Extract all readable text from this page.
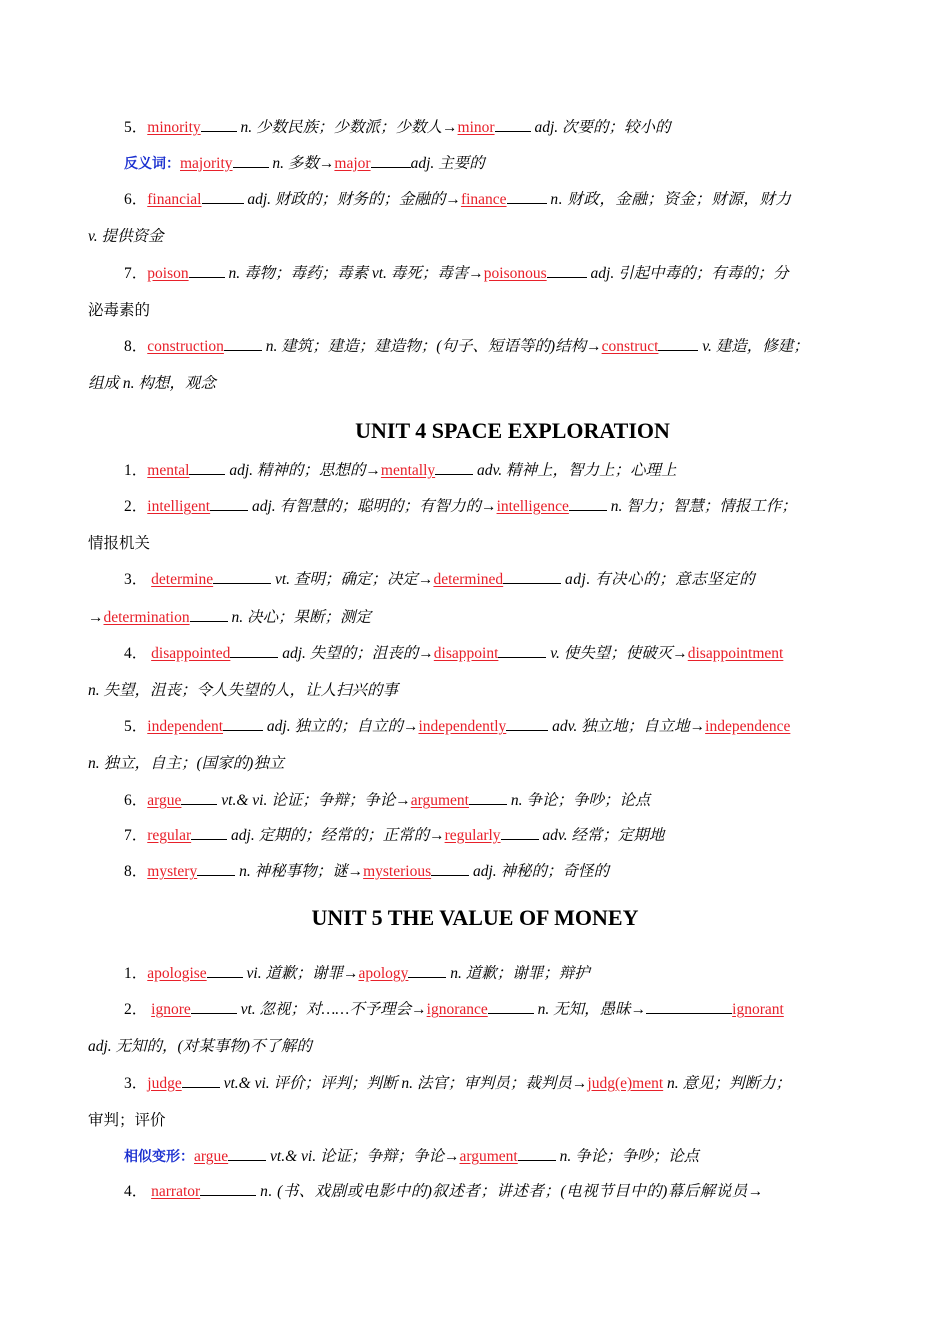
5．minority	n. 少数民族；少数派；少数人→minor	adj. 次要的；较小的
反义词：majority	n. 多数→major	adj. 主要的
6．financial	adj. 财政的；财务的；金融的→finance	n. 财政，金融；资金；财源，财力
v. 提供资金
7．poison	n. 毒物；毒药；毒素 vt. 毒死；毒害→poisonous	adj. 引起中毒的；有毒的；分
泌毒素的
8．construction	n. 建筑；建造；建造物；(句子、短语等的)结构→construct	v. 建造，修建；
组成 n. 构想，观念
UNIT 4 SPACE EXPLORATION
1．mental	adj. 精神的；思想的→mentally	adv. 精神上，智力上；心理上
2．intelligent	adj. 有智慧的；聪明的；有智力的→intelligence	n. 智力；智慧；情报工作；
情报机关
3． determine	vt. 查明；确定；决定→determined	adj. 有决心的；意志坚定的
→determination	n. 决心；果断；测定
4． disappointed	adj. 失望的；沮丧的→disappoint	v. 使失望；使破灭→disappointment
n. 失望，沮丧；令人失望的人，让人扫兴的事
5．independent	adj. 独立的；自立的→independently	adv. 独立地；自立地→independence
n. 独立，自主；(国家的)独立
6．argue	vt.& vi. 论证；争辩；争论→argument	n. 争论；争吵；论点
7．regular	adj. 定期的；经常的；正常的→regularly	adv. 经常；定期地
8．mystery	n. 神秘事物；谜→mysterious	adj. 神秘的；奇怪的
UNIT 5 THE VALUE OF MONEY
1．apologise	vi. 道歉；谢罪→apology	n. 道歉；谢罪；辩护
2． ignore	vt. 忽视；对……不予理会→ignorance	n. 无知，愚昧→	ignorant
adj. 无知的，(对某事物)不了解的
3．judge	vt.& vi. 评价；评判；判断 n. 法官；审判员；裁判员→judg(e)ment n. 意见；判断力；
审判；评价
相似变形：argue	vt.& vi. 论证；争辩；争论→argument	n. 争论；争吵；论点
4． narrator	n. (书、戏剧或电影中的)叙述者；讲述者；(电视节目中的)幕后解说员→
